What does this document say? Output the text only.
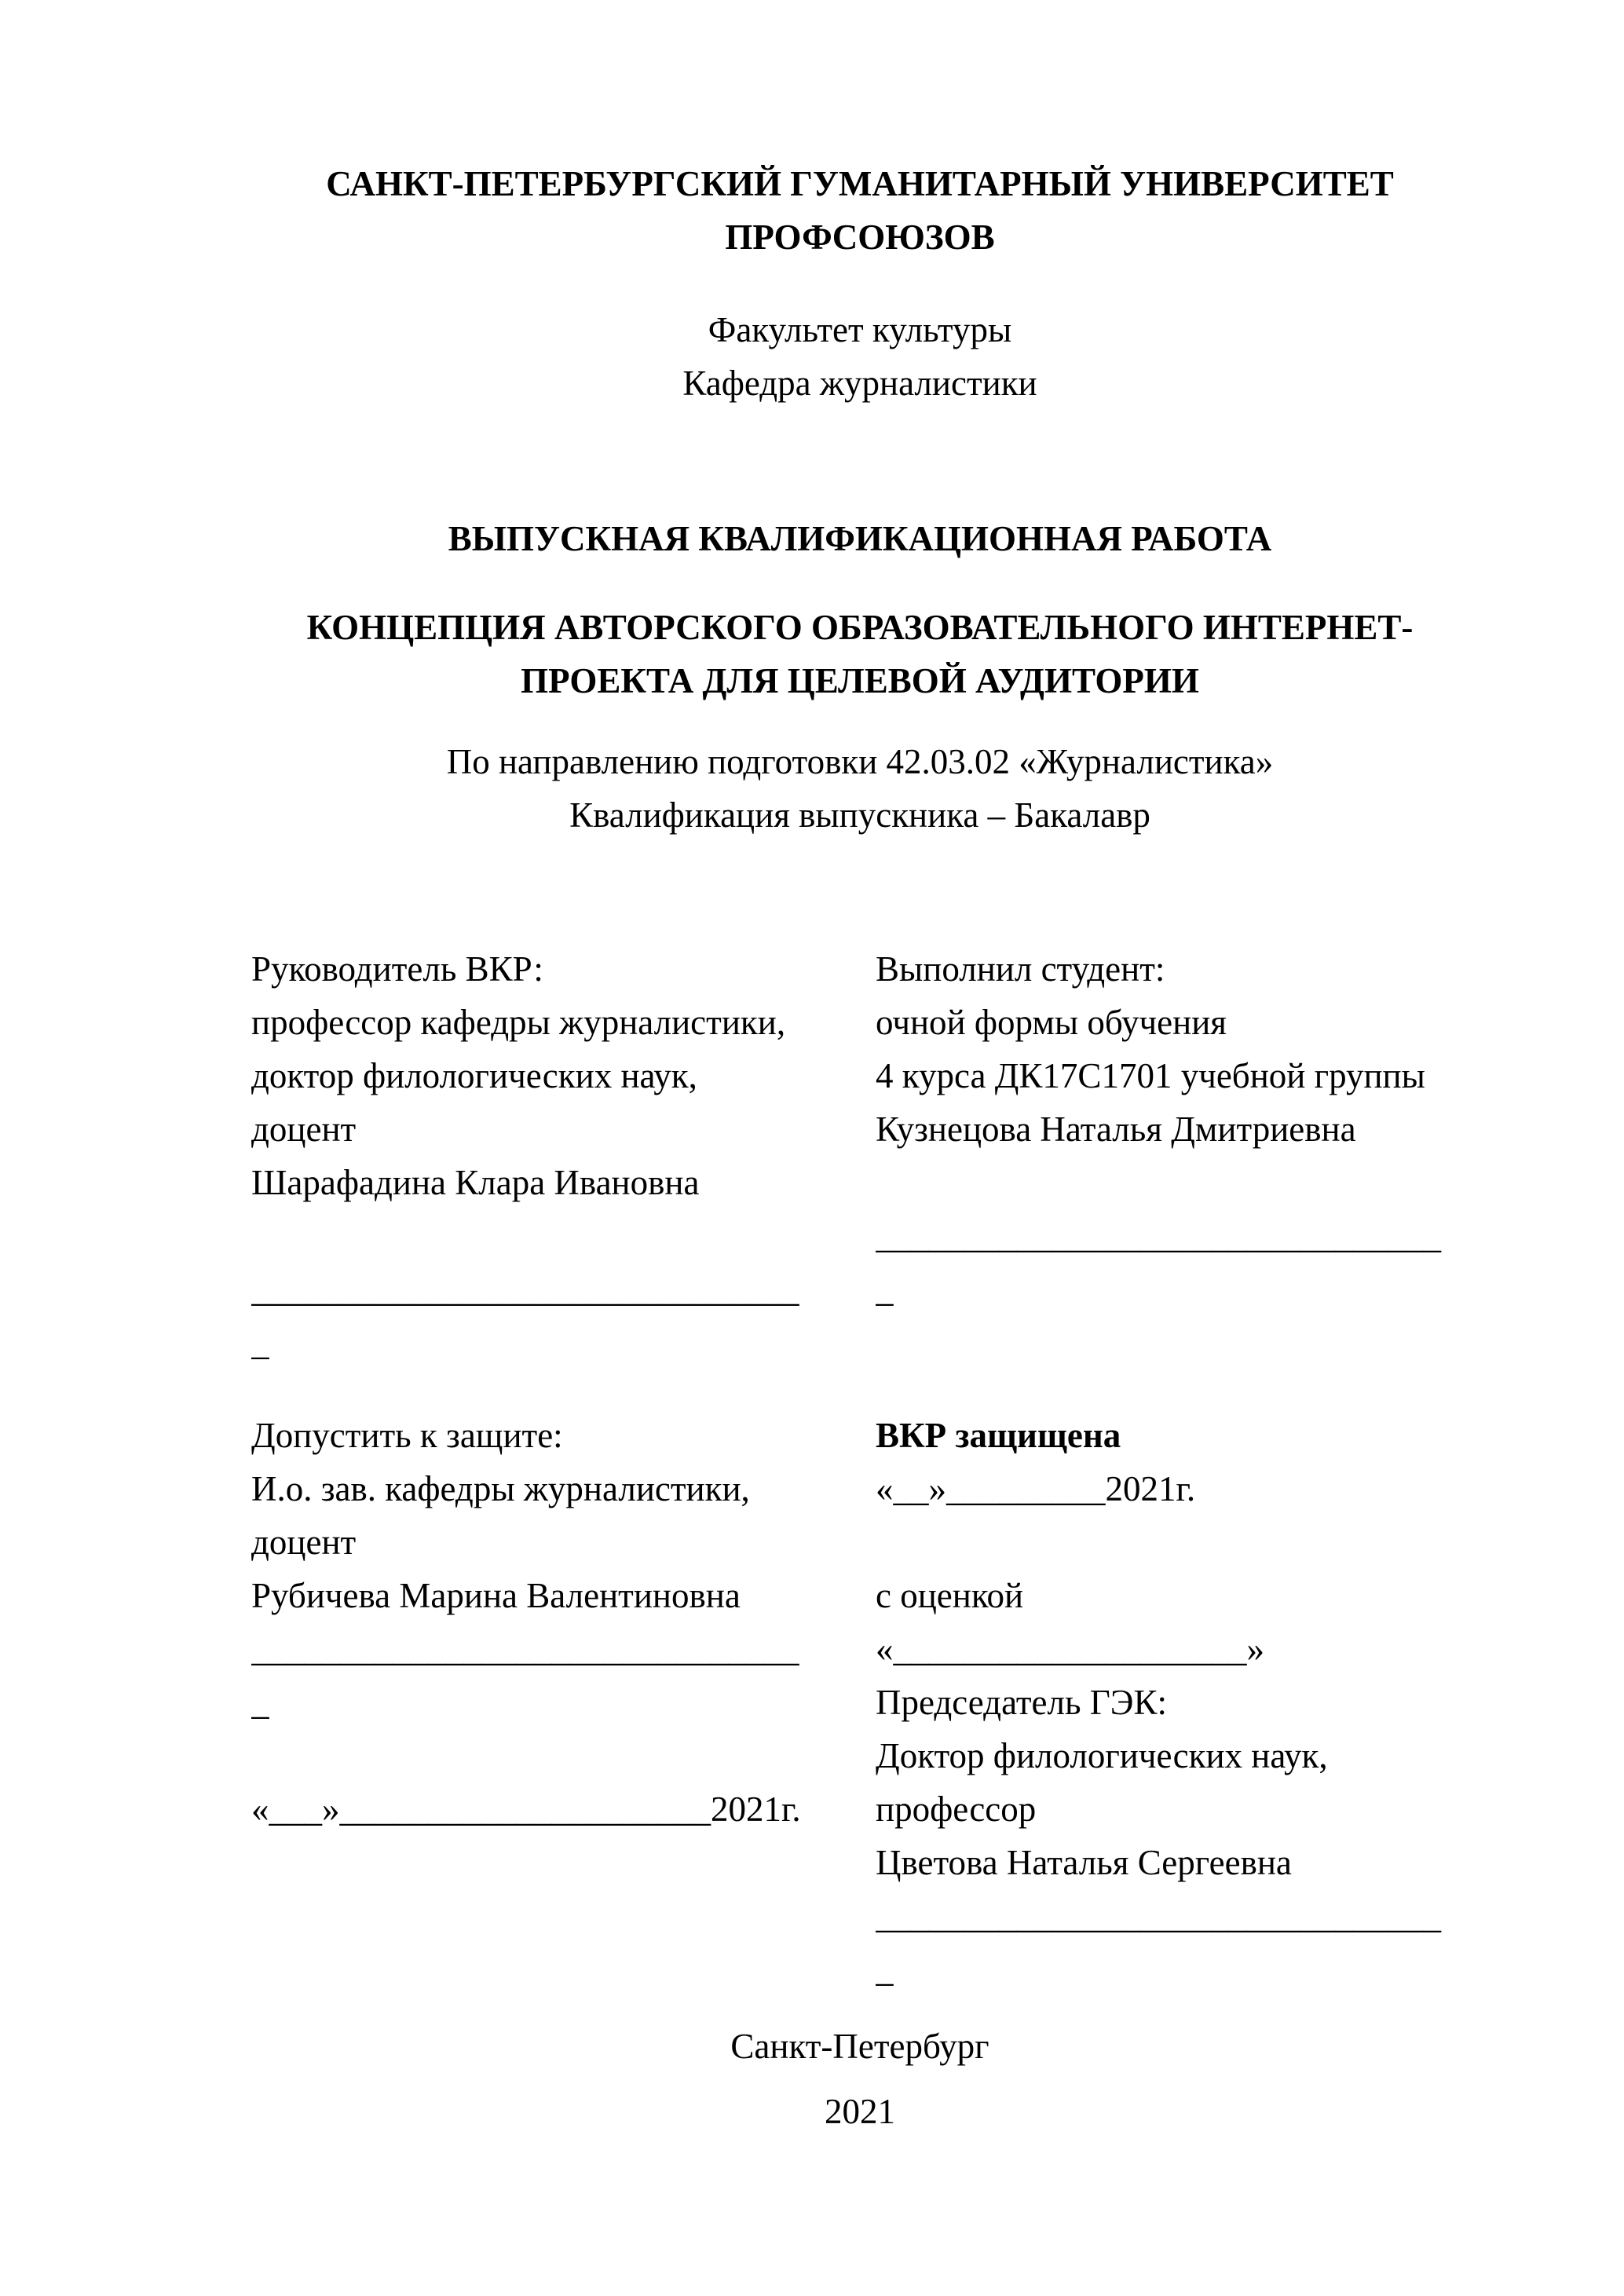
САНКТ-ПЕТЕРБУРГСКИЙ ГУМАНИТАРНЫЙ УНИВЕРСИТЕТ ПРОФСОЮЗОВ
Факультет культуры
Кафедра журналистики
ВЫПУСКНАЯ КВАЛИФИКАЦИОННАЯ РАБОТА
КОНЦЕПЦИЯ АВТОРСКОГО ОБРАЗОВАТЕЛЬНОГО ИНТЕРНЕТ-ПРОЕКТА ДЛЯ ЦЕЛЕВОЙ АУДИТОРИИ
По направлению подготовки 42.03.02 «Журналистика»
Квалификация выпускника – Бакалавр
Руководитель ВКР:
профессор кафедры журналистики,
доктор филологических наук,
доцент
Шарафадина Клара Ивановна
_______________________________
_
Допустить к защите:
И.о. зав. кафедры журналистики,
доцент
Рубичева Марина Валентиновна
_______________________________
_
«___»_____________________2021г.
Выполнил студент:
очной формы обучения
4 курса ДК17С1701 учебной группы
Кузнецова Наталья Дмитриевна
________________________________
_
ВКР защищена
«__»_________2021г.
с оценкой
«____________________»
Председатель ГЭК:
Доктор филологических наук,
профессор
Цветова Наталья Сергеевна
________________________________
_
Санкт-Петербург
2021
